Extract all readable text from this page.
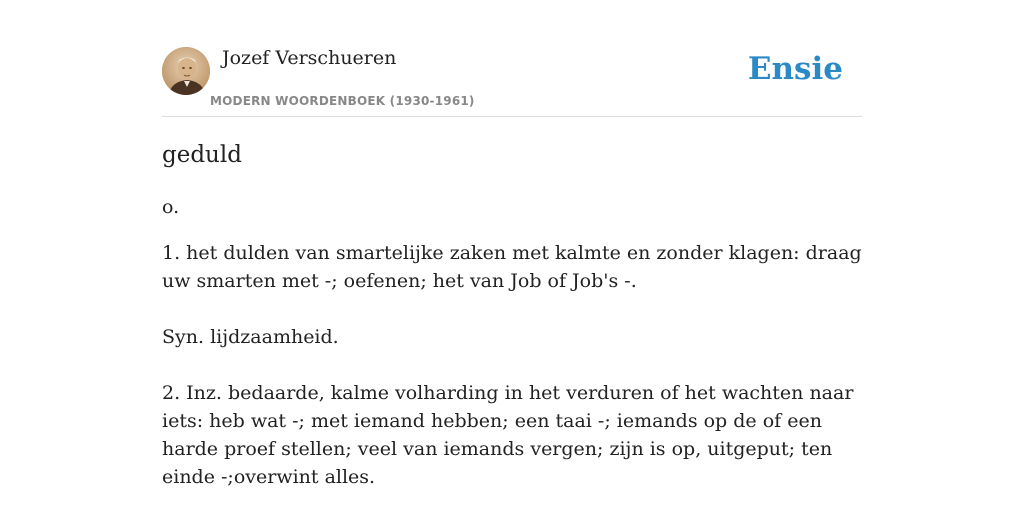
Jozef Verschueren
MODERN WOORDENBOEK (1930-1961)
Ensie
geduld
o.

1. het dulden van smartelijke zaken met kalmte en zonder klagen: draag uw smarten met -; oefenen; het van Job of Job's -.

Syn. lijdzaamheid.

2. Inz. bedaarde, kalme volharding in het verduren of het wachten naar iets: heb wat -; met iemand hebben; een taai -; iemands op de of een harde proef stellen; veel van iemands vergen; zijn is op, uitgeput; ten einde -;overwint alles.
